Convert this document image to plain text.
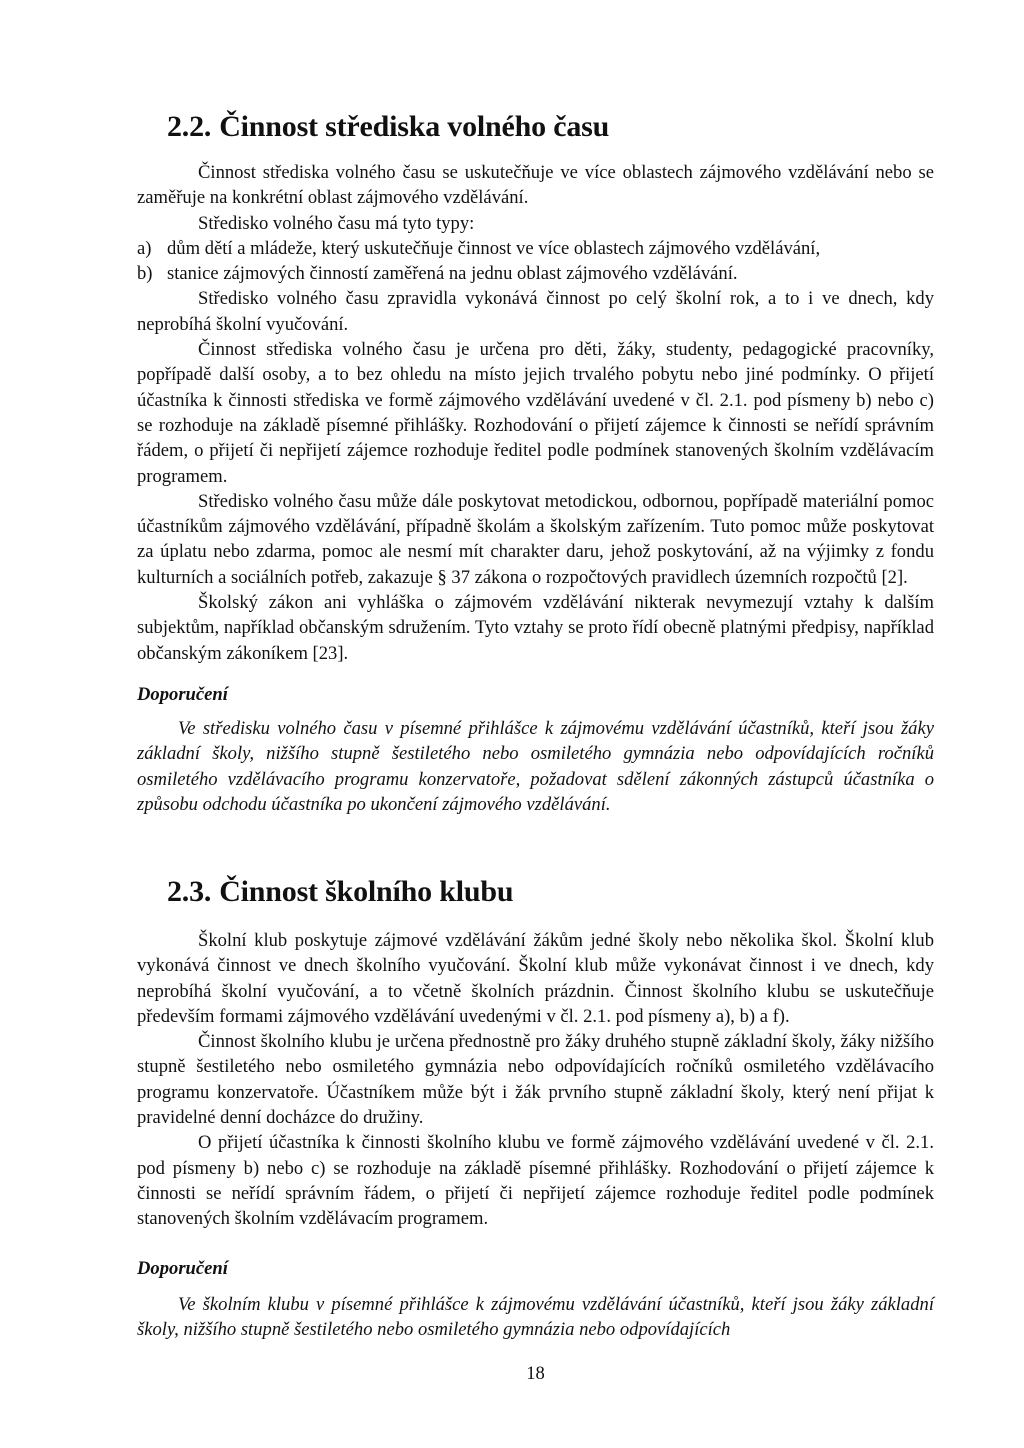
2.2. Činnost střediska volného času

Činnost střediska volného času se uskutečňuje ve více oblastech zájmového vzdělávání nebo se zaměřuje na konkrétní oblast zájmového vzdělávání.

Středisko volného času má tyto typy:

a) dům dětí a mládeže, který uskutečňuje činnost ve více oblastech zájmového vzdělávání,

b) stanice zájmových činností zaměřená na jednu oblast zájmového vzdělávání.

Středisko volného času zpravidla vykonává činnost po celý školní rok, a to i ve dnech, kdy neprobíhá školní vyučování.

Činnost střediska volného času je určena pro děti, žáky, studenty, pedagogické pracovníky, popřípadě další osoby, a to bez ohledu na místo jejich trvalého pobytu nebo jiné podmínky. O přijetí účastníka k činnosti střediska ve formě zájmového vzdělávání uvedené v čl. 2.1. pod písmeny b) nebo c) se rozhoduje na základě písemné přihlášky. Rozhodování o přijetí zájemce k činnosti se neřídí správním řádem, o přijetí či nepřijetí zájemce rozhoduje ředitel podle podmínek stanovených školním vzdělávacím programem.

Středisko volného času může dále poskytovat metodickou, odbornou, popřípadě materiální pomoc účastníkům zájmového vzdělávání, případně školám a školským zařízením. Tuto pomoc může poskytovat za úplatu nebo zdarma, pomoc ale nesmí mít charakter daru, jehož poskytování, až na výjimky z fondu kulturních a sociálních potřeb, zakazuje § 37 zákona o rozpočtových pravidlech územních rozpočtů [2].

Školský zákon ani vyhláška o zájmovém vzdělávání nikterak nevymezují vztahy k dalším subjektům, například občanským sdružením. Tyto vztahy se proto řídí obecně platnými předpisy, například občanským zákoníkem [23].

Doporučení

Ve středisku volného času v písemné přihlášce k zájmovému vzdělávání účastníků, kteří jsou žáky základní školy, nižšího stupně šestiletého nebo osmiletého gymnázia nebo odpovídajících ročníků osmiletého vzdělávacího programu konzervatoře, požadovat sdělení zákonných zástupců účastníka o způsobu odchodu účastníka po ukončení zájmového vzdělávání.

2.3. Činnost školního klubu

Školní klub poskytuje zájmové vzdělávání žákům jedné školy nebo několika škol. Školní klub vykonává činnost ve dnech školního vyučování. Školní klub může vykonávat činnost i ve dnech, kdy neprobíhá školní vyučování, a to včetně školních prázdnin. Činnost školního klubu se uskutečňuje především formami zájmového vzdělávání uvedenými v čl. 2.1. pod písmeny a), b) a f).

Činnost školního klubu je určena přednostně pro žáky druhého stupně základní školy, žáky nižšího stupně šestiletého nebo osmiletého gymnázia nebo odpovídajících ročníků osmiletého vzdělávacího programu konzervatoře. Účastníkem může být i žák prvního stupně základní školy, který není přijat k pravidelné denní docházce do družiny.

O přijetí účastníka k činnosti školního klubu ve formě zájmového vzdělávání uvedené v čl. 2.1. pod písmeny b) nebo c) se rozhoduje na základě písemné přihlášky. Rozhodování o přijetí zájemce k činnosti se neřídí správním řádem, o přijetí či nepřijetí zájemce rozhoduje ředitel podle podmínek stanovených školním vzdělávacím programem.

Doporučení

Ve školním klubu v písemné přihlášce k zájmovému vzdělávání účastníků, kteří jsou žáky základní školy, nižšího stupně šestiletého nebo osmiletého gymnázia nebo odpovídajících

18
